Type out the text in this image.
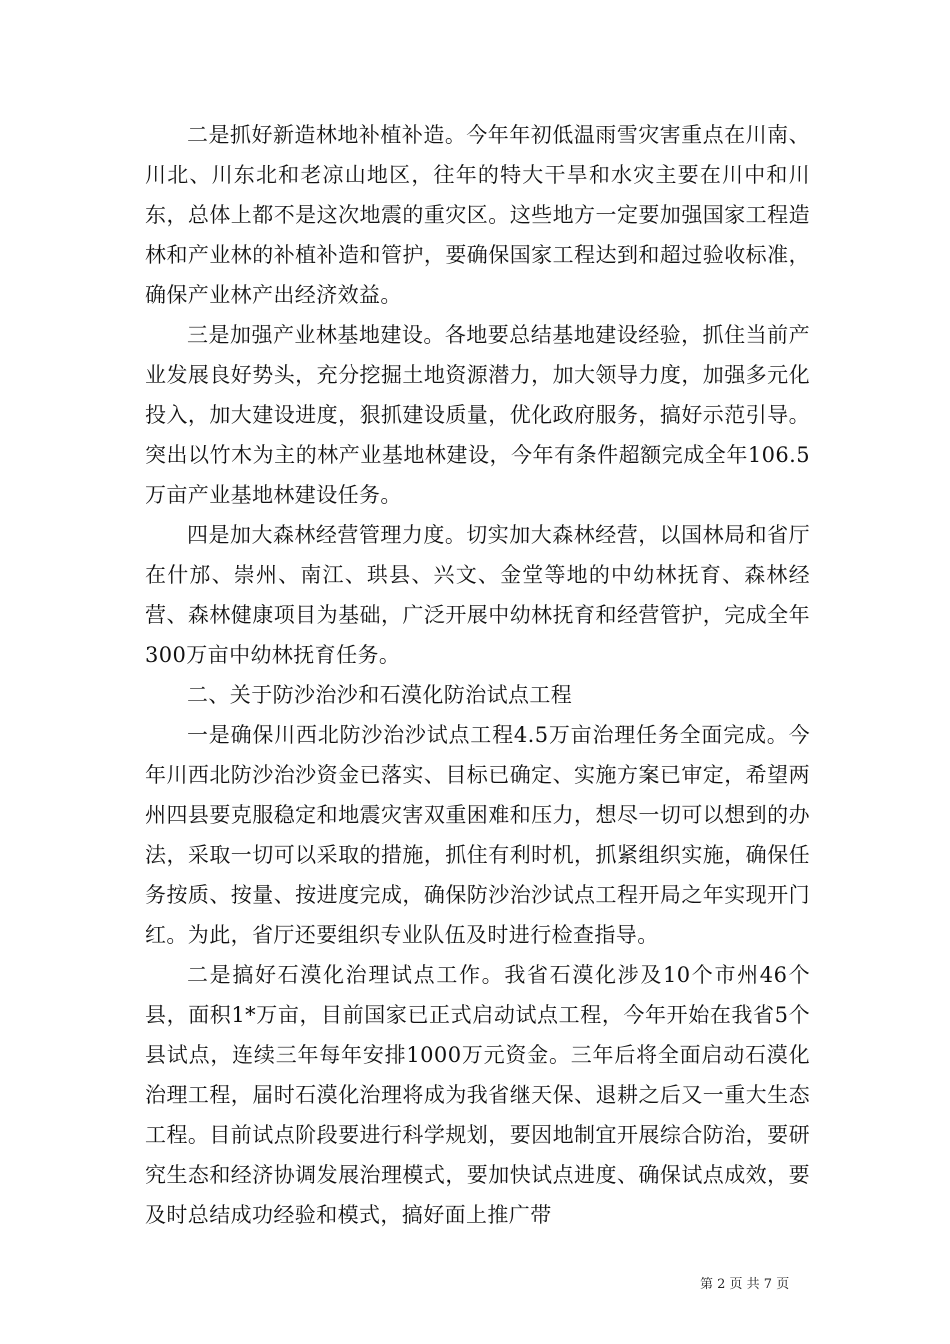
二是抓好新造林地补植补造。今年年初低温雨雪灾害重点在川南、川北、川东北和老凉山地区，往年的特大干旱和水灾主要在川中和川东，总体上都不是这次地震的重灾区。这些地方一定要加强国家工程造林和产业林的补植补造和管护，要确保国家工程达到和超过验收标准，确保产业林产出经济效益。

三是加强产业林基地建设。各地要总结基地建设经验，抓住当前产业发展良好势头，充分挖掘土地资源潜力，加大领导力度，加强多元化投入，加大建设进度，狠抓建设质量，优化政府服务，搞好示范引导。突出以竹木为主的林产业基地林建设，今年有条件超额完成全年106.5万亩产业基地林建设任务。

四是加大森林经营管理力度。切实加大森林经营，以国林局和省厅在什邡、崇州、南江、珙县、兴文、金堂等地的中幼林抚育、森林经营、森林健康项目为基础，广泛开展中幼林抚育和经营管护，完成全年300万亩中幼林抚育任务。

二、关于防沙治沙和石漠化防治试点工程

一是确保川西北防沙治沙试点工程4.5万亩治理任务全面完成。今年川西北防沙治沙资金已落实、目标已确定、实施方案已审定，希望两州四县要克服稳定和地震灾害双重困难和压力，想尽一切可以想到的办法，采取一切可以采取的措施，抓住有利时机，抓紧组织实施，确保任务按质、按量、按进度完成，确保防沙治沙试点工程开局之年实现开门红。为此，省厅还要组织专业队伍及时进行检查指导。

二是搞好石漠化治理试点工作。我省石漠化涉及10个市州46个县，面积1*万亩，目前国家已正式启动试点工程，今年开始在我省5个县试点，连续三年每年安排1000万元资金。三年后将全面启动石漠化治理工程，届时石漠化治理将成为我省继天保、退耕之后又一重大生态工程。目前试点阶段要进行科学规划，要因地制宜开展综合防治，要研究生态和经济协调发展治理模式，要加快试点进度、确保试点成效，要及时总结成功经验和模式，搞好面上推广带

第 2 页 共 7 页
